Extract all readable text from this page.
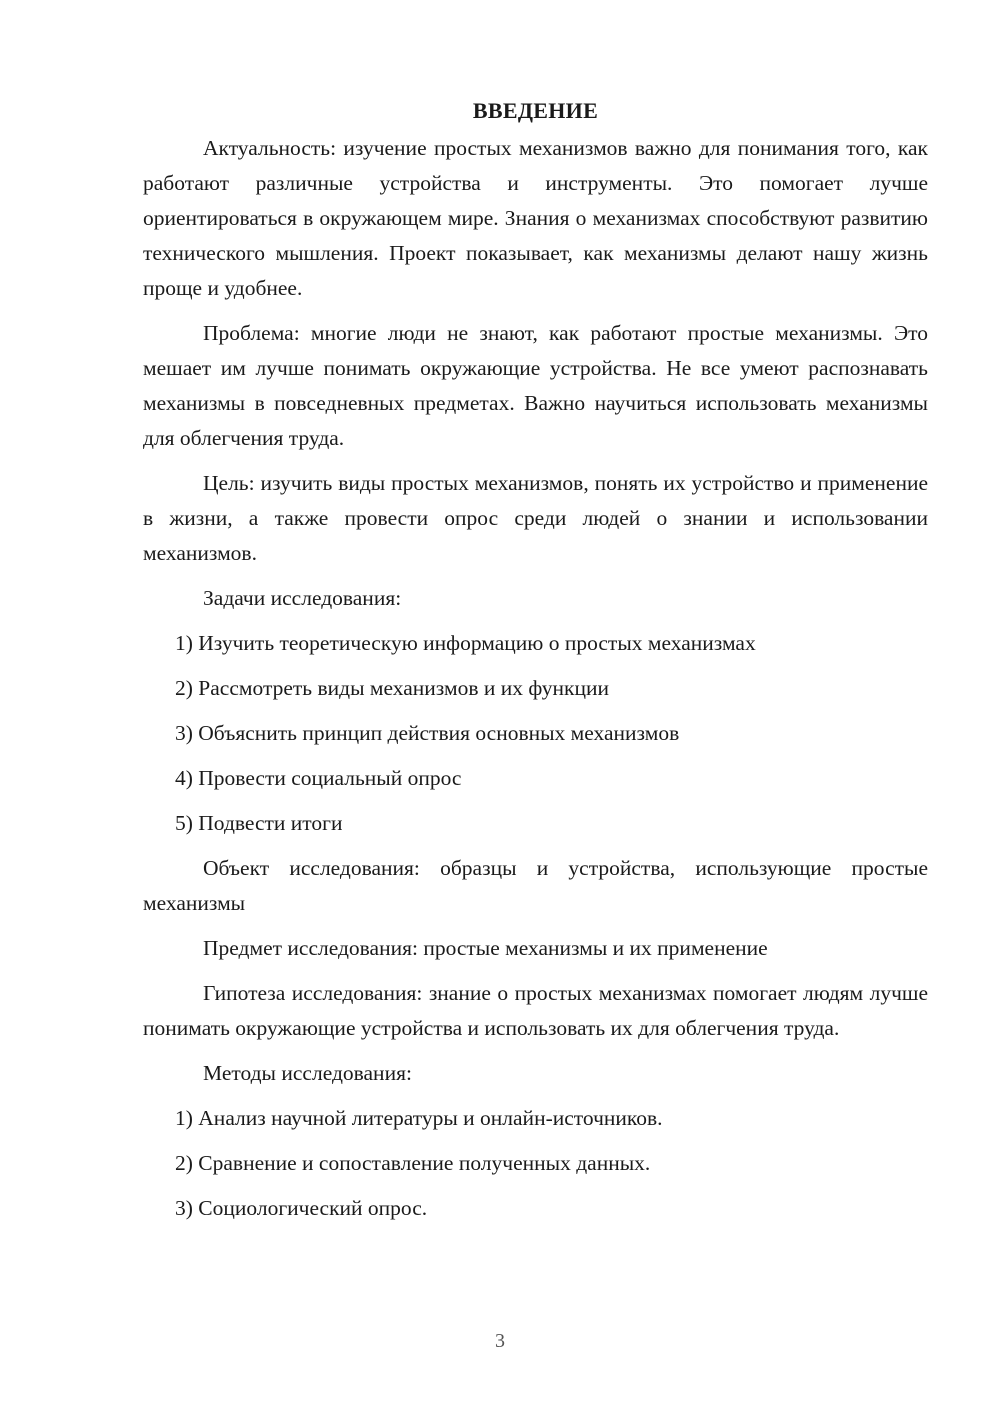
ВВЕДЕНИЕ

Актуальность: изучение простых механизмов важно для понимания того, как работают различные устройства и инструменты. Это помогает лучше ориентироваться в окружающем мире. Знания о механизмах способствуют развитию технического мышления. Проект показывает, как механизмы делают нашу жизнь проще и удобнее.

Проблема: многие люди не знают, как работают простые механизмы. Это мешает им лучше понимать окружающие устройства. Не все умеют распознавать механизмы в повседневных предметах. Важно научиться использовать механизмы для облегчения труда.

Цель: изучить виды простых механизмов, понять их устройство и применение в жизни, а также провести опрос среди людей о знании и использовании механизмов.

Задачи исследования:

1) Изучить теоретическую информацию о простых механизмах
2) Рассмотреть виды механизмов и их функции
3) Объяснить принцип действия основных механизмов
4) Провести социальный опрос
5) Подвести итоги

Объект исследования: образцы и устройства, использующие простые механизмы

Предмет исследования: простые механизмы и их применение

Гипотеза исследования: знание о простых механизмах помогает людям лучше понимать окружающие устройства и использовать их для облегчения труда.

Методы исследования:

1) Анализ научной литературы и онлайн-источников.
2) Сравнение и сопоставление полученных данных.
3) Социологический опрос.
3
